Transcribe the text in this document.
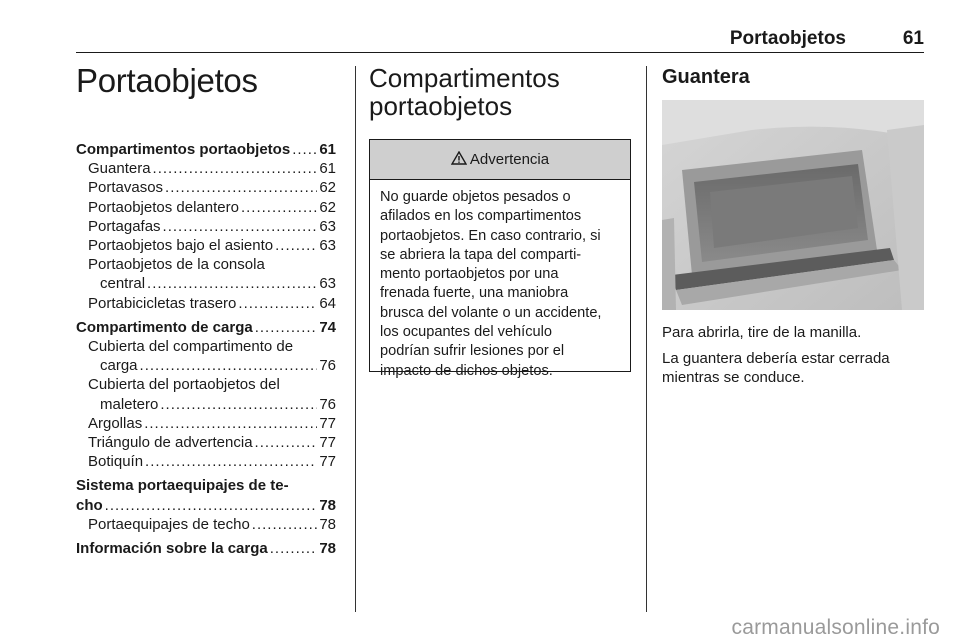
Portaobjetos	61
Portaobjetos
Compartimentos portaobjetos ..... 61
Guantera .....	61
Portavasos .....	62
Portaobjetos delantero .....	62
Portagafas .....	63
Portaobjetos bajo el asiento .....	63
Portaobjetos de la consola
central .....	63
Portabicicletas trasero .....	64
Compartimento de carga .....	74
Cubierta del compartimento de
carga .....	76
Cubierta del portaobjetos del
maletero .....	76
Argollas .....	77
Triángulo de advertencia .....	77
Botiquín .....	77
Sistema portaequipajes de te-
cho .....	78
Portaequipajes de techo .....	78
Información sobre la carga .....	78
Compartimentos portaobjetos
Advertencia
No guarde objetos pesados o
afilados en los compartimentos
portaobjetos. En caso contrario, si
se abriera la tapa del comparti-
mento portaobjetos por una
frenada fuerte, una maniobra
brusca del volante o un accidente,
los ocupantes del vehículo
podrían sufrir lesiones por el
impacto de dichos objetos.
Guantera

Para abrirla, tire de la manilla.

La guantera debería estar cerrada
mientras se conduce.

carmanualsonline.info
